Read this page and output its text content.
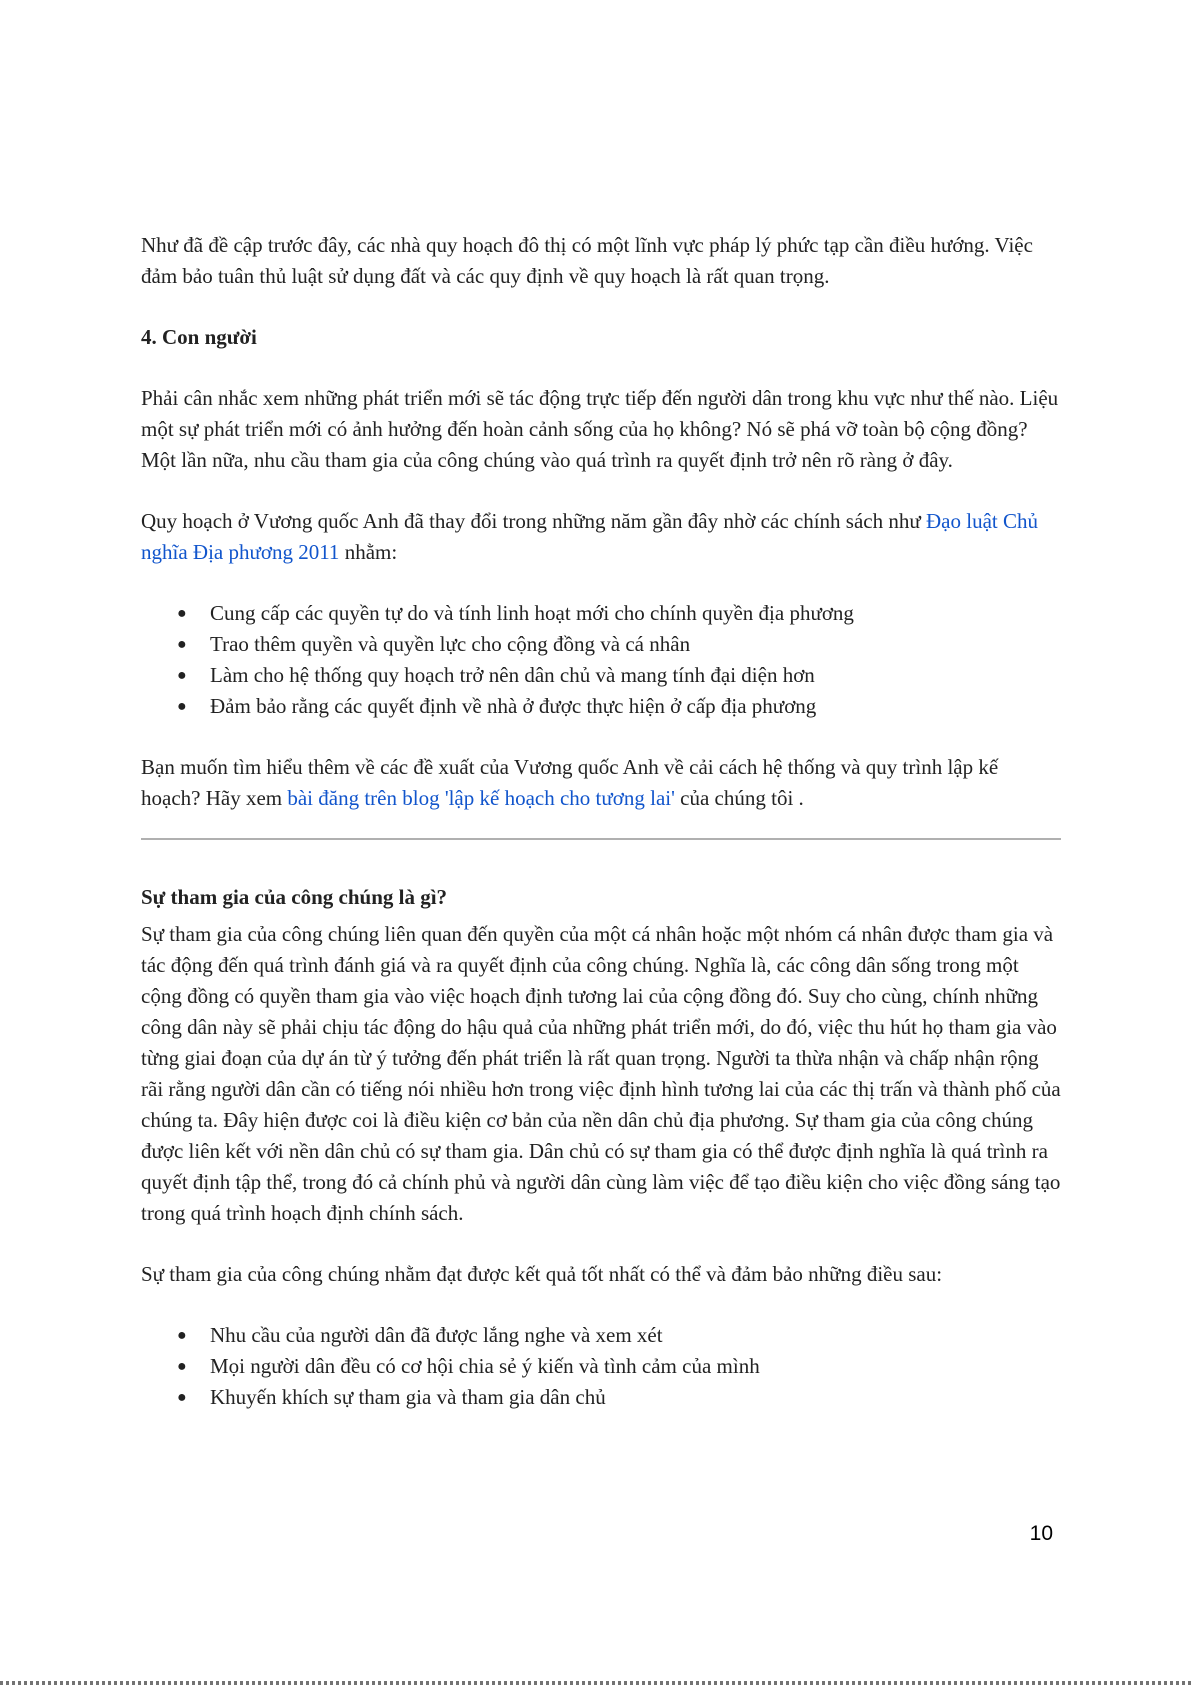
Như đã đề cập trước đây, các nhà quy hoạch đô thị có một lĩnh vực pháp lý phức tạp cần điều hướng. Việc đảm bảo tuân thủ luật sử dụng đất và các quy định về quy hoạch là rất quan trọng.

4. Con người

Phải cân nhắc xem những phát triển mới sẽ tác động trực tiếp đến người dân trong khu vực như thế nào. Liệu một sự phát triển mới có ảnh hưởng đến hoàn cảnh sống của họ không? Nó sẽ phá vỡ toàn bộ cộng đồng? Một lần nữa, nhu cầu tham gia của công chúng vào quá trình ra quyết định trở nên rõ ràng ở đây.

Quy hoạch ở Vương quốc Anh đã thay đổi trong những năm gần đây nhờ các chính sách như Đạo luật Chủ nghĩa Địa phương 2011 nhằm:

● Cung cấp các quyền tự do và tính linh hoạt mới cho chính quyền địa phương
● Trao thêm quyền và quyền lực cho cộng đồng và cá nhân
● Làm cho hệ thống quy hoạch trở nên dân chủ và mang tính đại diện hơn
● Đảm bảo rằng các quyết định về nhà ở được thực hiện ở cấp địa phương

Bạn muốn tìm hiểu thêm về các đề xuất của Vương quốc Anh về cải cách hệ thống và quy trình lập kế hoạch? Hãy xem bài đăng trên blog 'lập kế hoạch cho tương lai' của chúng tôi .

Sự tham gia của công chúng là gì?

Sự tham gia của công chúng liên quan đến quyền của một cá nhân hoặc một nhóm cá nhân được tham gia và tác động đến quá trình đánh giá và ra quyết định của công chúng. Nghĩa là, các công dân sống trong một cộng đồng có quyền tham gia vào việc hoạch định tương lai của cộng đồng đó. Suy cho cùng, chính những công dân này sẽ phải chịu tác động do hậu quả của những phát triển mới, do đó, việc thu hút họ tham gia vào từng giai đoạn của dự án từ ý tưởng đến phát triển là rất quan trọng. Người ta thừa nhận và chấp nhận rộng rãi rằng người dân cần có tiếng nói nhiều hơn trong việc định hình tương lai của các thị trấn và thành phố của chúng ta. Đây hiện được coi là điều kiện cơ bản của nền dân chủ địa phương. Sự tham gia của công chúng được liên kết với nền dân chủ có sự tham gia. Dân chủ có sự tham gia có thể được định nghĩa là quá trình ra quyết định tập thể, trong đó cả chính phủ và người dân cùng làm việc để tạo điều kiện cho việc đồng sáng tạo trong quá trình hoạch định chính sách.

Sự tham gia của công chúng nhằm đạt được kết quả tốt nhất có thể và đảm bảo những điều sau:

● Nhu cầu của người dân đã được lắng nghe và xem xét
● Mọi người dân đều có cơ hội chia sẻ ý kiến và tình cảm của mình
● Khuyến khích sự tham gia và tham gia dân chủ
10
